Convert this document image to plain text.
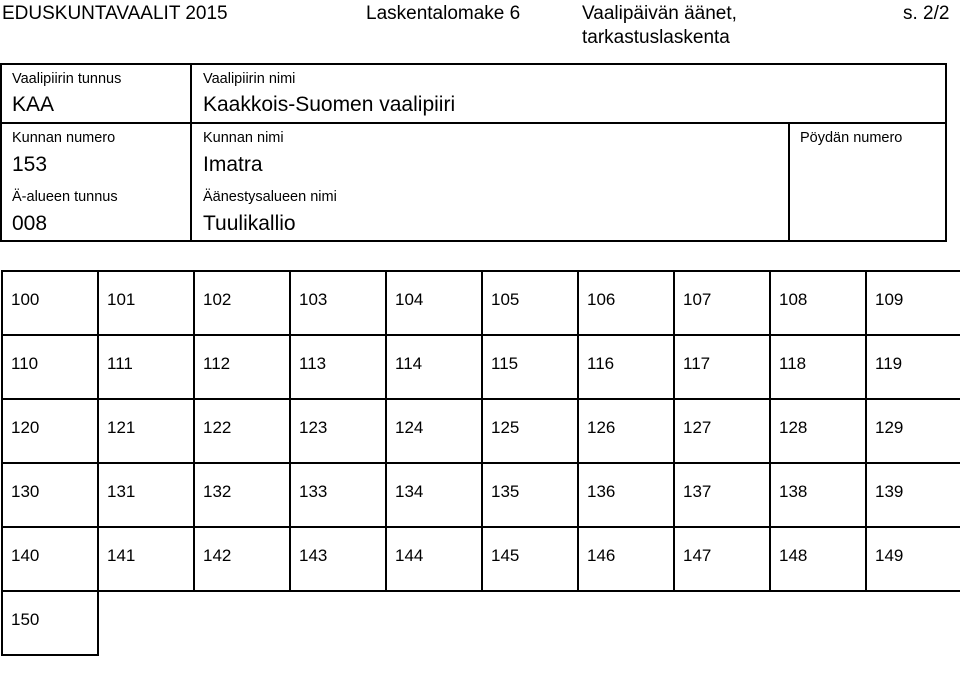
EDUSKUNTAVAALIT 2015	Laskentalomake 6	Vaalipäivän äänet,
tarkastuslaskenta
s. 2/2
Vaalipiirin tunnus
KAA
Vaalipiirin nimi
Kaakkois-Suomen vaalipiiri
Kunnan numero
153
Kunnan nimi
Imatra
Pöydän numero
Ä-alueen tunnus
008
Äänestysalueen nimi
Tuulikallio
100	101	102	103	104	105	106	107	108	109
110	111	112	113	114	115	116	117	118	119
120	121	122	123	124	125	126	127	128	129
130	131	132	133	134	135	136	137	138	139
140	141	142	143	144	145	146	147	148	149
150
